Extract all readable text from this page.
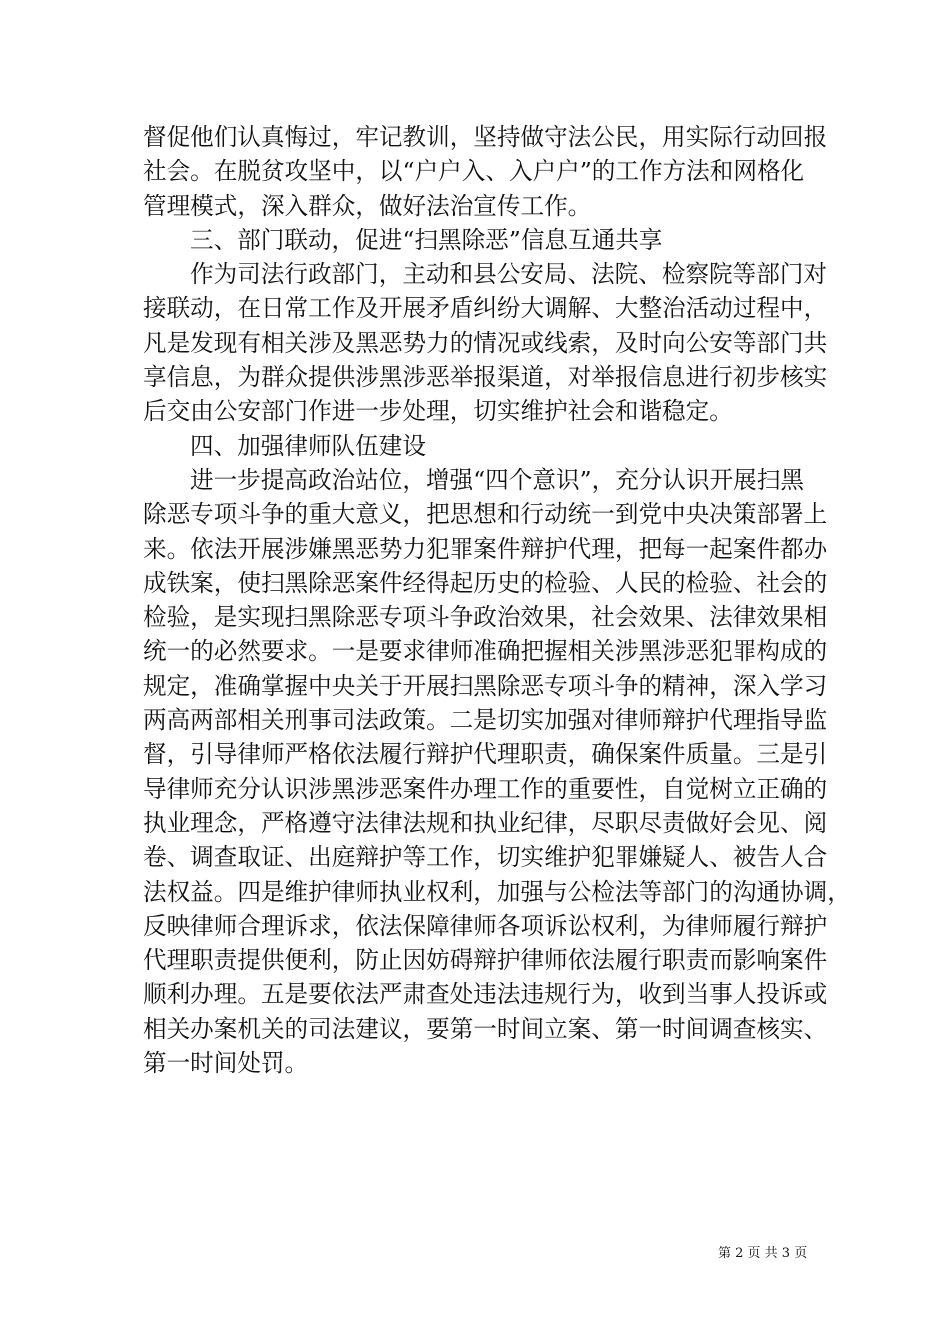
督促他们认真悔过，牢记教训，坚持做守法公民，用实际行动回报

社会。在脱贫攻坚中，以“户户入、入户户”的工作方法和网格化

管理模式，深入群众，做好法治宣传工作。

三、部门联动，促进“扫黑除恶”信息互通共享

作为司法行政部门，主动和县公安局、法院、检察院等部门对

接联动，在日常工作及开展矛盾纠纷大调解、大整治活动过程中，

凡是发现有相关涉及黑恶势力的情况或线索，及时向公安等部门共

享信息，为群众提供涉黑涉恶举报渠道，对举报信息进行初步核实

后交由公安部门作进一步处理，切实维护社会和谐稳定。

四、加强律师队伍建设

进一步提高政治站位，增强“四个意识”，充分认识开展扫黑

除恶专项斗争的重大意义，把思想和行动统一到党中央决策部署上

来。依法开展涉嫌黑恶势力犯罪案件辩护代理，把每一起案件都办

成铁案，使扫黑除恶案件经得起历史的检验、人民的检验、社会的

检验，是实现扫黑除恶专项斗争政治效果，社会效果、法律效果相

统一的必然要求。一是要求律师准确把握相关涉黑涉恶犯罪构成的

规定，准确掌握中央关于开展扫黑除恶专项斗争的精神，深入学习

两高两部相关刑事司法政策。二是切实加强对律师辩护代理指导监

督，引导律师严格依法履行辩护代理职责，确保案件质量。三是引

导律师充分认识涉黑涉恶案件办理工作的重要性，自觉树立正确的

执业理念，严格遵守法律法规和执业纪律，尽职尽责做好会见、阅

卷、调查取证、出庭辩护等工作，切实维护犯罪嫌疑人、被告人合

法权益。四是维护律师执业权利，加强与公检法等部门的沟通协调，

反映律师合理诉求，依法保障律师各项诉讼权利，为律师履行辩护

代理职责提供便利，防止因妨碍辩护律师依法履行职责而影响案件

顺利办理。五是要依法严肃查处违法违规行为，收到当事人投诉或

相关办案机关的司法建议，要第一时间立案、第一时间调查核实、

第一时间处罚。

第 2 页 共 3 页
